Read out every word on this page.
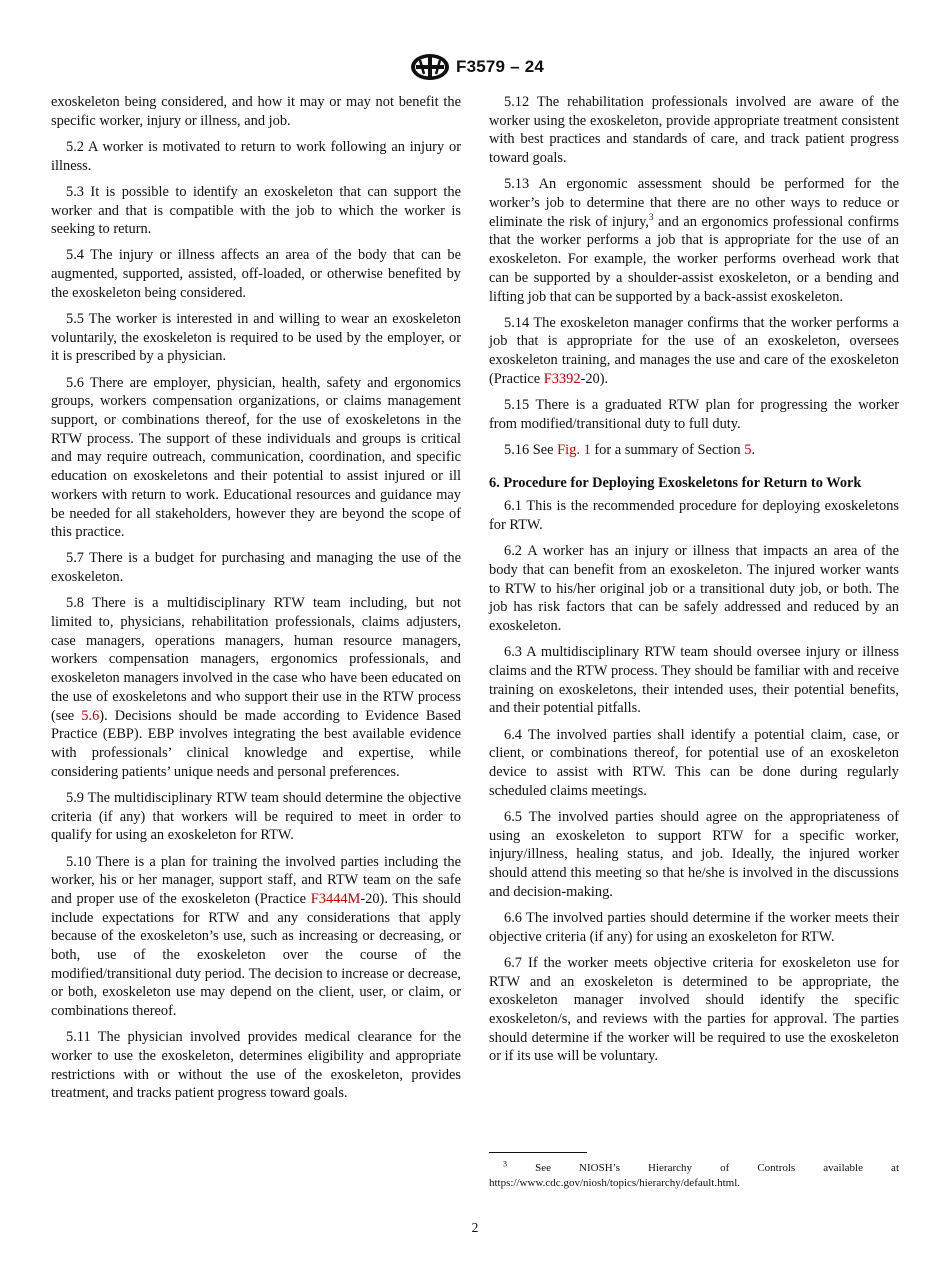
F3579 – 24

exoskeleton being considered, and how it may or may not benefit the specific worker, injury or illness, and job.

5.2 A worker is motivated to return to work following an injury or illness.

5.3 It is possible to identify an exoskeleton that can support the worker and that is compatible with the job to which the worker is seeking to return.

5.4 The injury or illness affects an area of the body that can be augmented, supported, assisted, off-loaded, or otherwise benefited by the exoskeleton being considered.

5.5 The worker is interested in and willing to wear an exoskeleton voluntarily, the exoskeleton is required to be used by the employer, or it is prescribed by a physician.

5.6 There are employer, physician, health, safety and ergonomics groups, workers compensation organizations, or claims management support, or combinations thereof, for the use of exoskeletons in the RTW process. The support of these individuals and groups is critical and may require outreach, communication, coordination, and specific education on exoskeletons and their potential to assist injured or ill workers with return to work. Educational resources and guidance may be needed for all stakeholders, however they are beyond the scope of this practice.

5.7 There is a budget for purchasing and managing the use of the exoskeleton.

5.8 There is a multidisciplinary RTW team including, but not limited to, physicians, rehabilitation professionals, claims adjusters, case managers, operations managers, human resource managers, workers compensation managers, ergonomics professionals, and exoskeleton managers involved in the case who have been educated on the use of exoskeletons and who support their use in the RTW process (see 5.6). Decisions should be made according to Evidence Based Practice (EBP). EBP involves integrating the best available evidence with professionals’ clinical knowledge and expertise, while considering patients’ unique needs and personal preferences.

5.9 The multidisciplinary RTW team should determine the objective criteria (if any) that workers will be required to meet in order to qualify for using an exoskeleton for RTW.

5.10 There is a plan for training the involved parties including the worker, his or her manager, support staff, and RTW team on the safe and proper use of the exoskeleton (Practice F3444M-20). This should include expectations for RTW and any considerations that apply because of the exoskeleton’s use, such as increasing or decreasing, or both, use of the exoskeleton over the course of the modified/transitional duty period. The decision to increase or decrease, or both, exoskeleton use may depend on the client, user, or claim, or combinations thereof.

5.11 The physician involved provides medical clearance for the worker to use the exoskeleton, determines eligibility and appropriate restrictions with or without the use of the exoskeleton, provides treatment, and tracks patient progress toward goals.

5.12 The rehabilitation professionals involved are aware of the worker using the exoskeleton, provide appropriate treatment consistent with best practices and standards of care, and track patient progress toward goals.

5.13 An ergonomic assessment should be performed for the worker’s job to determine that there are no other ways to reduce or eliminate the risk of injury,$^3$ and an ergonomics professional confirms that the worker performs a job that is appropriate for the use of an exoskeleton. For example, the worker performs overhead work that can be supported by a shoulder-assist exoskeleton, or a bending and lifting job that can be supported by a back-assist exoskeleton.

5.14 The exoskeleton manager confirms that the worker performs a job that is appropriate for the use of an exoskeleton, oversees exoskeleton training, and manages the use and care of the exoskeleton (Practice F3392-20).

5.15 There is a graduated RTW plan for progressing the worker from modified/transitional duty to full duty.

5.16 See Fig. 1 for a summary of Section 5.

6. Procedure for Deploying Exoskeletons for Return to Work

6.1 This is the recommended procedure for deploying exoskeletons for RTW.

6.2 A worker has an injury or illness that impacts an area of the body that can benefit from an exoskeleton. The injured worker wants to RTW to his/her original job or a transitional duty job, or both. The job has risk factors that can be safely addressed and reduced by an exoskeleton.

6.3 A multidisciplinary RTW team should oversee injury or illness claims and the RTW process. They should be familiar with and receive training on exoskeletons, their intended uses, their potential benefits, and their potential pitfalls.

6.4 The involved parties shall identify a potential claim, case, or client, or combinations thereof, for potential use of an exoskeleton device to assist with RTW. This can be done during regularly scheduled claims meetings.

6.5 The involved parties should agree on the appropriateness of using an exoskeleton to support RTW for a specific worker, injury/illness, healing status, and job. Ideally, the injured worker should attend this meeting so that he/she is involved in the discussions and decision-making.

6.6 The involved parties should determine if the worker meets their objective criteria (if any) for using an exoskeleton for RTW.

6.7 If the worker meets objective criteria for exoskeleton use for RTW and an exoskeleton is determined to be appropriate, the exoskeleton manager involved should identify the specific exoskeleton/s, and reviews with the parties for approval. The parties should determine if the worker will be required to use the exoskeleton or if its use will be voluntary.

$^3$ See NIOSH’s Hierarchy of Controls available at https://www.cdc.gov/niosh/topics/hierarchy/default.html.
2
